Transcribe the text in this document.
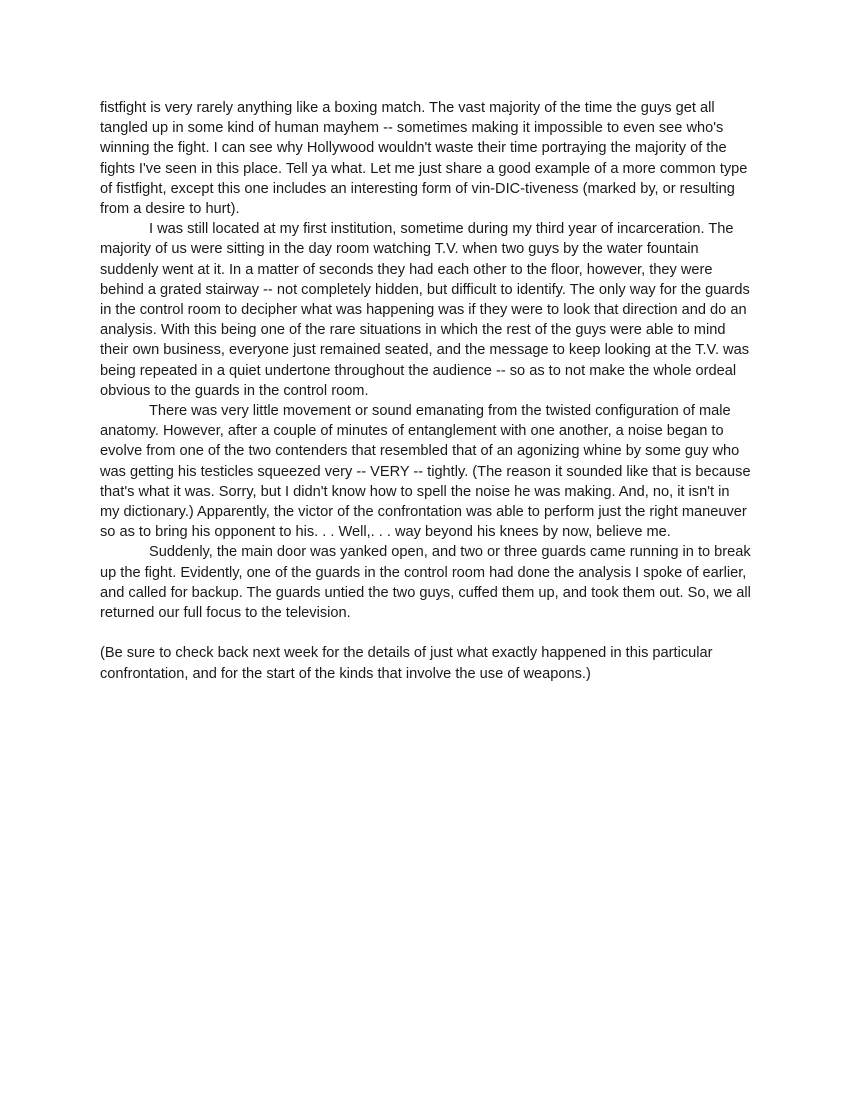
fistfight is very rarely anything like a boxing match. The vast majority of the time the guys get all tangled up in some kind of human mayhem -- sometimes making it impossible to even see who's winning the fight. I can see why Hollywood wouldn't waste their time portraying the majority of the fights I've seen in this place. Tell ya what. Let me just share a good example of a more common type of fistfight, except this one includes an interesting form of vin-DIC-tiveness (marked by, or resulting from a desire to hurt).

I was still located at my first institution, sometime during my third year of incarceration. The majority of us were sitting in the day room watching T.V. when two guys by the water fountain suddenly went at it. In a matter of seconds they had each other to the floor, however, they were behind a grated stairway -- not completely hidden, but difficult to identify. The only way for the guards in the control room to decipher what was happening was if they were to look that direction and do an analysis. With this being one of the rare situations in which the rest of the guys were able to mind their own business, everyone just remained seated, and the message to keep looking at the T.V. was being repeated in a quiet undertone throughout the audience -- so as to not make the whole ordeal obvious to the guards in the control room.

There was very little movement or sound emanating from the twisted configuration of male anatomy. However, after a couple of minutes of entanglement with one another, a noise began to evolve from one of the two contenders that resembled that of an agonizing whine by some guy who was getting his testicles squeezed very -- VERY -- tightly. (The reason it sounded like that is because that's what it was. Sorry, but I didn't know how to spell the noise he was making. And, no, it isn't in my dictionary.) Apparently, the victor of the confrontation was able to perform just the right maneuver so as to bring his opponent to his. . . Well,. . . way beyond his knees by now, believe me.

Suddenly, the main door was yanked open, and two or three guards came running in to break up the fight. Evidently, one of the guards in the control room had done the analysis I spoke of earlier, and called for backup. The guards untied the two guys, cuffed them up, and took them out. So, we all returned our full focus to the television.

(Be sure to check back next week for the details of just what exactly happened in this particular confrontation, and for the start of the kinds that involve the use of weapons.)
